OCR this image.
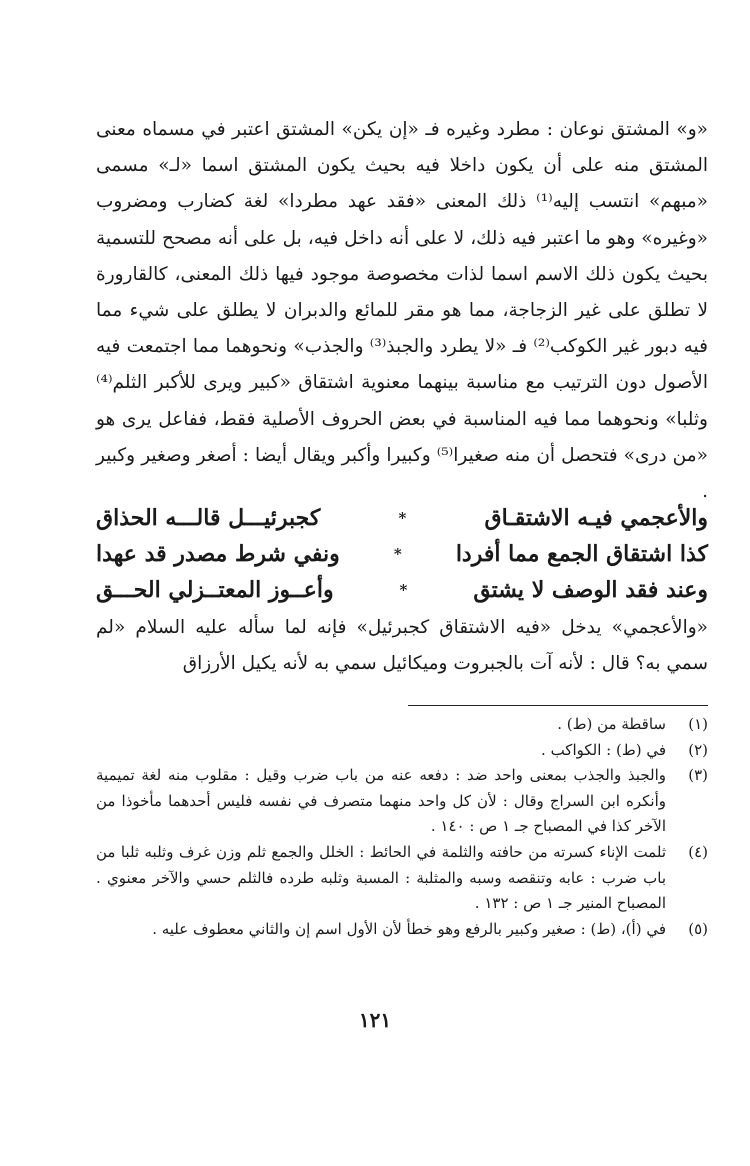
«و» المشتق نوعان : مطرد وغيره فـ «إن يكن» المشتق اعتبر في مسماه معنى المشتق منه على أن يكون داخلا فيه بحيث يكون المشتق اسما «لـ» مسمى «مبهم» انتسب إليه⁽¹⁾ ذلك المعنى «فقد عهد مطردا» لغة كضارب ومضروب «وغيره» وهو ما اعتبر فيه ذلك، لا على أنه داخل فيه، بل على أنه مصحح للتسمية بحيث يكون ذلك الاسم اسما لذات مخصوصة موجود فيها ذلك المعنى، كالقارورة لا تطلق على غير الزجاجة، مما هو مقر للمائع والدبران لا يطلق على شيء مما فيه دبور غير الكوكب⁽²⁾ فـ «لا يطرد والجبذ⁽³⁾ والجذب» ونحوهما مما اجتمعت فيه الأصول دون الترتيب مع مناسبة بينهما معنوية اشتقاق «كبير ويرى للأكبر الثلم⁽⁴⁾ وثلبا» ونحوهما مما فيه المناسبة في بعض الحروف الأصلية فقط، ففاعل يرى هو «من درى» فتحصل أن منه صغيرا⁽⁵⁾ وكبيرا وأكبر ويقال أيضا : أصغر وصغير وكبير .

والأعجمي فيـه الاشتقـاق
*
كجبرئيـــل قالـــه الحذاق
كذا اشتقاق الجمع مما أفردا
*
ونفي شرط مصدر قد عهدا
وعند فقد الوصف لا يشتق
*
وأعــوز المعتــزلي الحـــق

«والأعجمي» يدخل «فيه الاشتقاق كجبرئيل» فإنه لما سأله عليه السلام «لم سمي به؟ قال : لأنه آت بالجبروت وميكائيل سمي به لأنه يكيل الأرزاق

(١)
ساقطة من (ط) .
(٢)
في (ط) : الكواكب .
(٣)
والجبذ والجذب بمعنى واحد ضد : دفعه عنه من باب ضرب وقيل : مقلوب منه لغة تميمية وأنكره ابن السراج وقال : لأن كل واحد منهما متصرف في نفسه فليس أحدهما مأخوذا من الآخر كذا في المصباح جـ ١ ص : ١٤٠ .
(٤)
ثلمت الإناء كسرته من حافته والثلمة في الحائط : الخلل والجمع ثلم وزن غرف وثلبه ثلبا من باب ضرب : عابه وتنقصه وسبه والمثلبة : المسبة وثلبه طرده فالثلم حسي والآخر معنوي . المصباح المنير جـ ١ ص : ١٣٢ .
(٥)
في (أ)، (ط) : صغير وكبير بالرفع وهو خطأ لأن الأول اسم إن والثاني معطوف عليه .
١٢١
